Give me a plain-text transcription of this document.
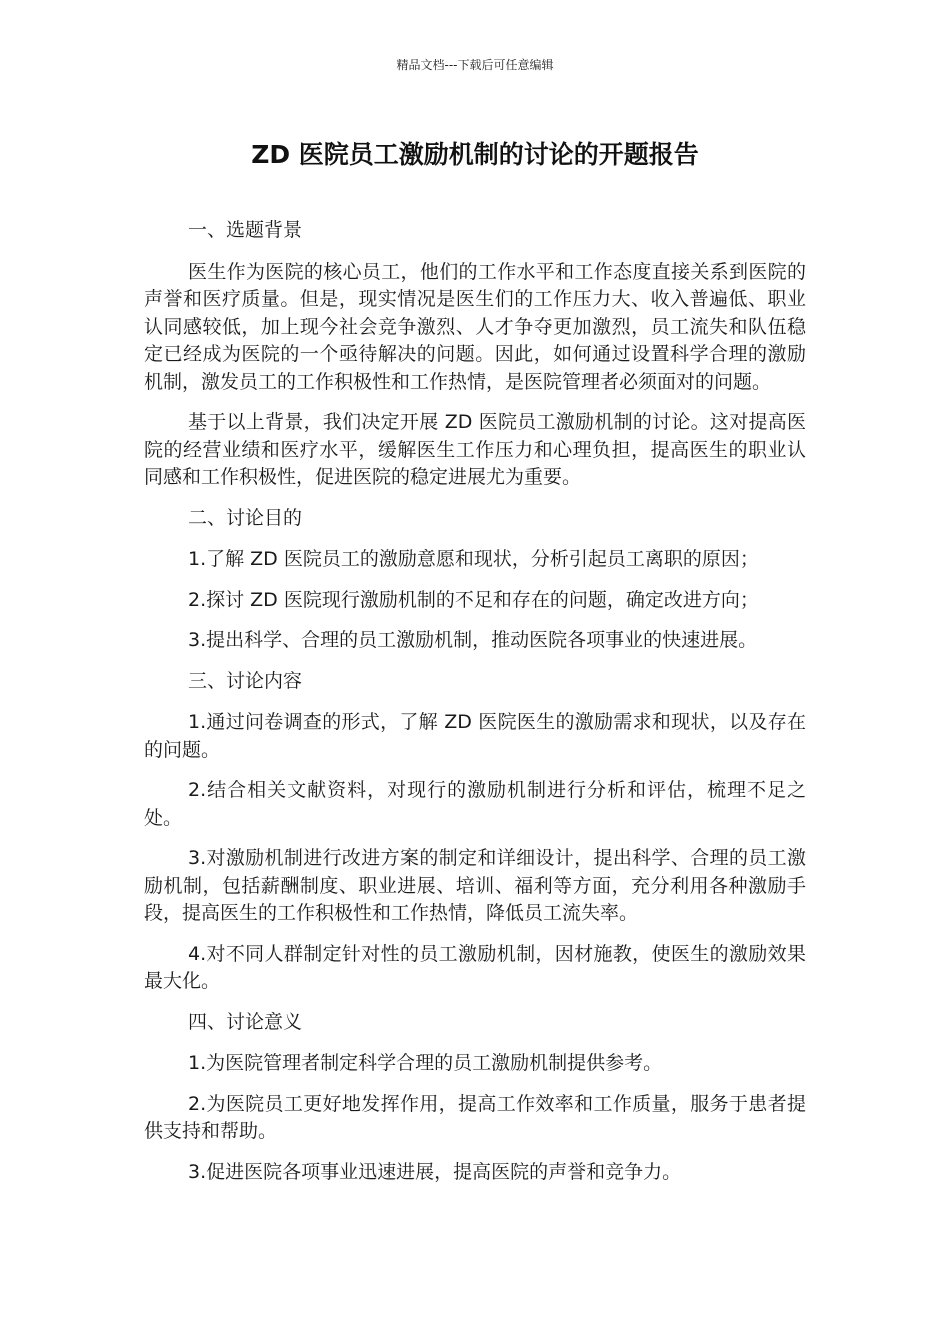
精品文档---下载后可任意编辑
ZD 医院员工激励机制的讨论的开题报告

一、选题背景

医生作为医院的核心员工，他们的工作水平和工作态度直接关系到医院的声誉和医疗质量。但是，现实情况是医生们的工作压力大、收入普遍低、职业认同感较低，加上现今社会竞争激烈、人才争夺更加激烈，员工流失和队伍稳定已经成为医院的一个亟待解决的问题。因此，如何通过设置科学合理的激励机制，激发员工的工作积极性和工作热情，是医院管理者必须面对的问题。

基于以上背景，我们决定开展 ZD 医院员工激励机制的讨论。这对提高医院的经营业绩和医疗水平，缓解医生工作压力和心理负担，提高医生的职业认同感和工作积极性，促进医院的稳定进展尤为重要。

二、讨论目的

1.了解 ZD 医院员工的激励意愿和现状，分析引起员工离职的原因；

2.探讨 ZD 医院现行激励机制的不足和存在的问题，确定改进方向；

3.提出科学、合理的员工激励机制，推动医院各项事业的快速进展。

三、讨论内容

1.通过问卷调查的形式，了解 ZD 医院医生的激励需求和现状，以及存在的问题。

2.结合相关文献资料，对现行的激励机制进行分析和评估，梳理不足之处。

3.对激励机制进行改进方案的制定和详细设计，提出科学、合理的员工激励机制，包括薪酬制度、职业进展、培训、福利等方面，充分利用各种激励手段，提高医生的工作积极性和工作热情，降低员工流失率。

4.对不同人群制定针对性的员工激励机制，因材施教，使医生的激励效果最大化。

四、讨论意义

1.为医院管理者制定科学合理的员工激励机制提供参考。

2.为医院员工更好地发挥作用，提高工作效率和工作质量，服务于患者提供支持和帮助。

3.促进医院各项事业迅速进展，提高医院的声誉和竞争力。
